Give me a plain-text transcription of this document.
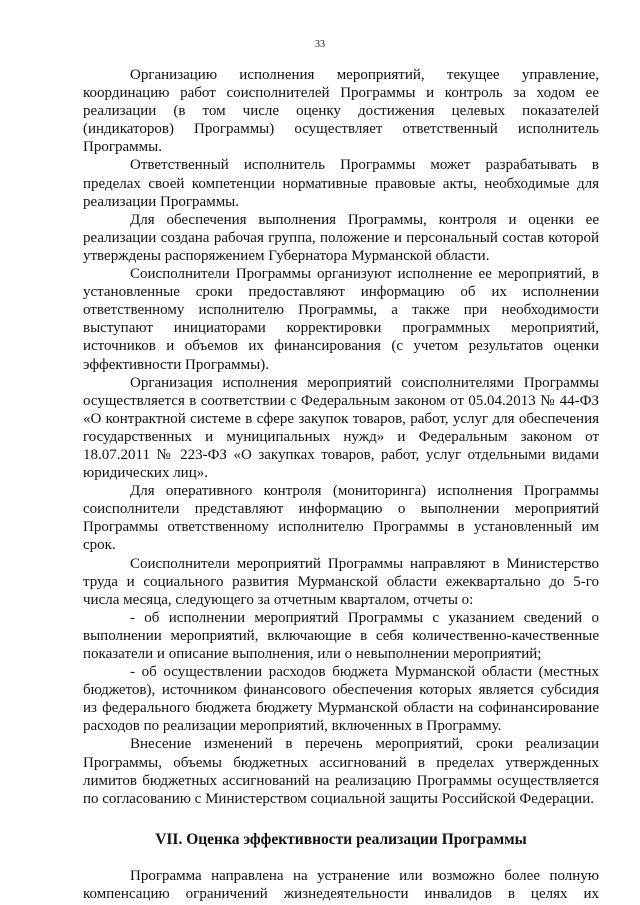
33

Организацию исполнения мероприятий, текущее управление, координацию работ соисполнителей Программы и контроль за ходом ее реализации (в том числе оценку достижения целевых показателей (индикаторов) Программы) осуществляет ответственный исполнитель Программы.

Ответственный исполнитель Программы может разрабатывать в пределах своей компетенции нормативные правовые акты, необходимые для реализации Программы.

Для обеспечения выполнения Программы, контроля и оценки ее реализации создана рабочая группа, положение и персональный состав которой утверждены распоряжением Губернатора Мурманской области.

Соисполнители Программы организуют исполнение ее мероприятий, в установленные сроки предоставляют информацию об их исполнении ответственному исполнителю Программы, а также при необходимости выступают инициаторами корректировки программных мероприятий, источников и объемов их финансирования (с учетом результатов оценки эффективности Программы).

Организация исполнения мероприятий соисполнителями Программы осуществляется в соответствии с Федеральным законом от 05.04.2013 № 44-ФЗ «О контрактной системе в сфере закупок товаров, работ, услуг для обеспечения государственных и муниципальных нужд» и Федеральным законом от 18.07.2011 № 223-ФЗ «О закупках товаров, работ, услуг отдельными видами юридических лиц».

Для оперативного контроля (мониторинга) исполнения Программы соисполнители представляют информацию о выполнении мероприятий Программы ответственному исполнителю Программы в установленный им срок.

Соисполнители мероприятий Программы направляют в Министерство труда и социального развития Мурманской области ежеквартально до 5-го числа месяца, следующего за отчетным кварталом, отчеты о:

- об исполнении мероприятий Программы с указанием сведений о выполнении мероприятий, включающие в себя количественно-качественные показатели и описание выполнения, или о невыполнении мероприятий;

- об осуществлении расходов бюджета Мурманской области (местных бюджетов), источником финансового обеспечения которых является субсидия из федерального бюджета бюджету Мурманской области на софинансирование расходов по реализации мероприятий, включенных в Программу.

Внесение изменений в перечень мероприятий, сроки реализации Программы, объемы бюджетных ассигнований в пределах утвержденных лимитов бюджетных ассигнований на реализацию Программы осуществляется по согласованию с Министерством социальной защиты Российской Федерации.

VII. Оценка эффективности реализации Программы

Программа направлена на устранение или возможно более полную компенсацию ограничений жизнедеятельности инвалидов в целях их
